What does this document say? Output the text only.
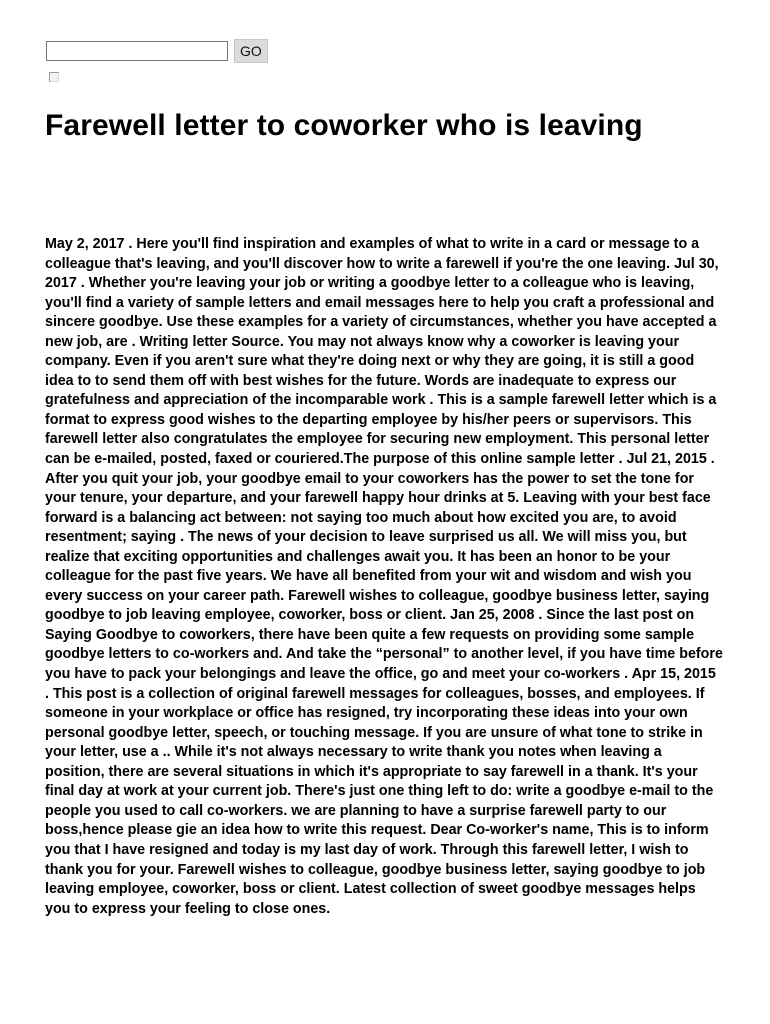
GO
Farewell letter to coworker who is leaving

May 2, 2017 . Here you'll find inspiration and examples of what to write in a card or message to a colleague that's leaving, and you'll discover how to write a farewell if you're the one leaving. Jul 30, 2017 . Whether you're leaving your job or writing a goodbye letter to a colleague who is leaving, you'll find a variety of sample letters and email messages here to help you craft a professional and sincere goodbye. Use these examples for a variety of circumstances, whether you have accepted a new job, are . Writing letter Source. You may not always know why a coworker is leaving your company. Even if you aren't sure what they're doing next or why they are going, it is still a good idea to to send them off with best wishes for the future. Words are inadequate to express our gratefulness and appreciation of the incomparable work . This is a sample farewell letter which is a format to express good wishes to the departing employee by his/her peers or supervisors. This farewell letter also congratulates the employee for securing new employment. This personal letter can be e-mailed, posted, faxed or couriered.The purpose of this online sample letter . Jul 21, 2015 . After you quit your job, your goodbye email to your coworkers has the power to set the tone for your tenure, your departure, and your farewell happy hour drinks at 5. Leaving with your best face forward is a balancing act between: not saying too much about how excited you are, to avoid resentment; saying . The news of your decision to leave surprised us all. We will miss you, but realize that exciting opportunities and challenges await you. It has been an honor to be your colleague for the past five years. We have all benefited from your wit and wisdom and wish you every success on your career path. Farewell wishes to colleague, goodbye business letter, saying goodbye to job leaving employee, coworker, boss or client. Jan 25, 2008 . Since the last post on Saying Goodbye to coworkers, there have been quite a few requests on providing some sample goodbye letters to co-workers and. And take the “personal” to another level, if you have time before you have to pack your belongings and leave the office, go and meet your co-workers . Apr 15, 2015 . This post is a collection of original farewell messages for colleagues, bosses, and employees. If someone in your workplace or office has resigned, try incorporating these ideas into your own personal goodbye letter, speech, or touching message. If you are unsure of what tone to strike in your letter, use a .. While it's not always necessary to write thank you notes when leaving a position, there are several situations in which it's appropriate to say farewell in a thank. It's your final day at work at your current job. There's just one thing left to do: write a goodbye e-mail to the people you used to call co-workers. we are planning to have a surprise farewell party to our boss,hence please gie an idea how to write this request. Dear Co-worker's name, This is to inform you that I have resigned and today is my last day of work. Through this farewell letter, I wish to thank you for your. Farewell wishes to colleague, goodbye business letter, saying goodbye to job leaving employee, coworker, boss or client. Latest collection of sweet goodbye messages helps you to express your feeling to close ones.
